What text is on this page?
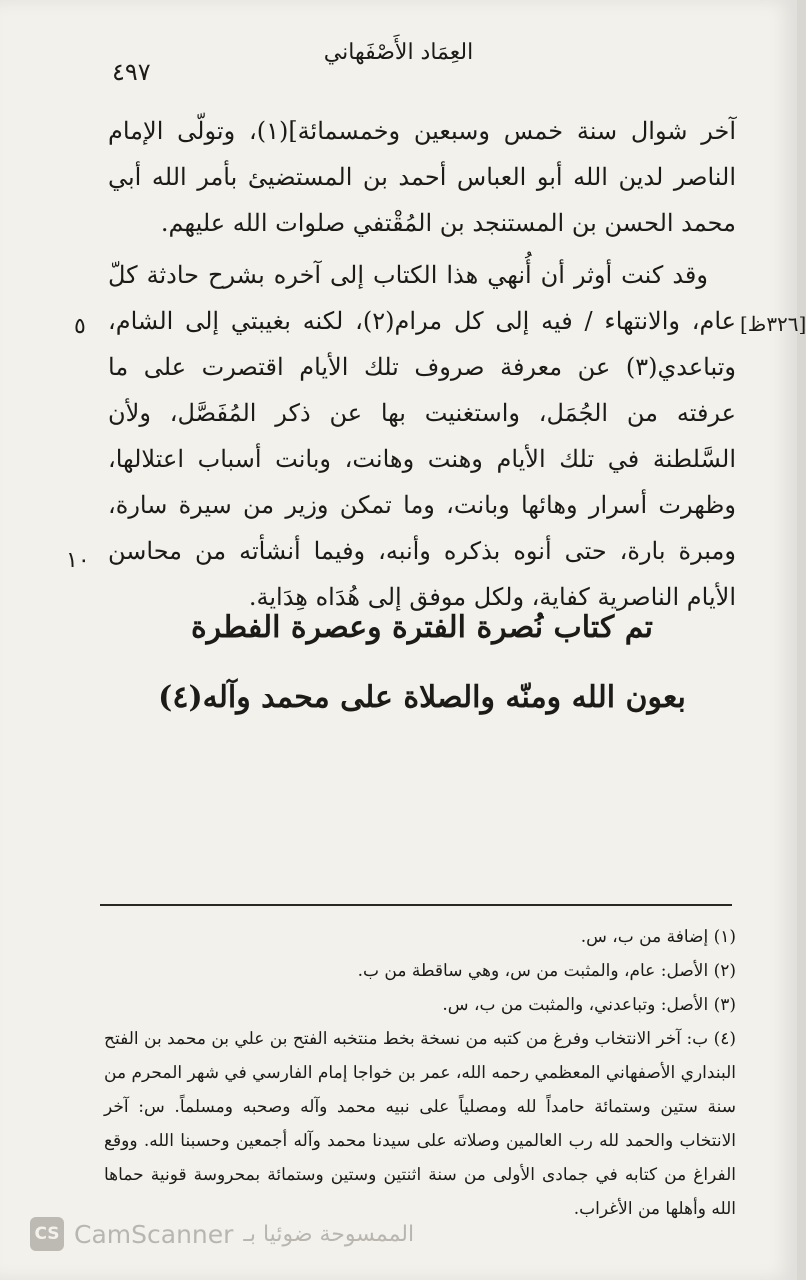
العِمَاد الأَصْفَهاني
٤٩٧

آخر شوال سنة خمس وسبعين وخمسمائة](١)، وتولّى الإمام الناصر لدين الله أبو العباس أحمد بن المستضيئ بأمر الله أبي محمد الحسن بن المستنجد بن المُقْتفي صلوات الله عليهم.

وقد كنت أوثر أن أُنهي هذا الكتاب إلى آخره بشرح حادثة كلّ عام، والانتهاء / فيه إلى كل مرام(٢)، لكنه بغيبتي إلى الشام، وتباعدي(٣) عن معرفة صروف تلك الأيام اقتصرت على ما عرفته من الجُمَل، واستغنيت بها عن ذكر المُفَصَّل، ولأن السَّلطنة في تلك الأيام وهنت وهانت، وبانت أسباب اعتلالها، وظهرت أسرار وهائها وبانت، وما تمكن وزير من سيرة سارة، ومبرة بارة، حتى أنوه بذكره وأنبه، وفيما أنشأته من محاسن الأيام الناصرية كفاية، ولكل موفق إلى هُدَاه هِدَاية.

[٣٢٦ظ]
٥
١٠
تم كتاب نُصرة الفترة وعصرة الفطرة
بعون الله ومنّه والصلاة على محمد وآله(٤)

(١) إضافة من ب، س.

(٢) الأصل: عام، والمثبت من س، وهي ساقطة من ب.

(٣) الأصل: وتباعدني، والمثبت من ب، س.

(٤) ب: آخر الانتخاب وفرغ من كتبه من نسخة بخط منتخبه الفتح بن علي بن محمد بن الفتح البنداري الأصفهاني المعظمي رحمه الله، عمر بن خواجا إمام الفارسي في شهر المحرم من سنة ستين وستمائة حامداً لله ومصلياً على نبيه محمد وآله وصحبه ومسلماً. س: آخر الانتخاب والحمد لله رب العالمين وصلاته على سيدنا محمد وآله أجمعين وحسبنا الله. ووقع الفراغ من كتابه في جمادى الأولى من سنة اثنتين وستين وستمائة بمحروسة قونية حماها الله وأهلها من الأغراب.

CS CamScanner الممسوحة ضوئيا بـ
